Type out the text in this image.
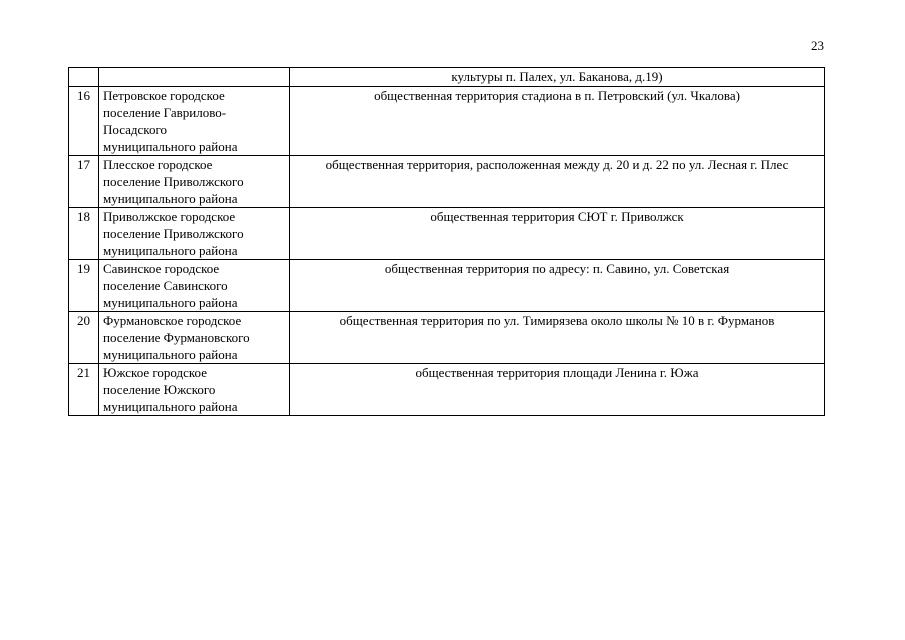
23
		культуры п. Палех, ул. Баканова, д.19)
16	Петровское городское
поселение Гаврилово-
Посадского
муниципального района	общественная территория стадиона в п. Петровский (ул. Чкалова)
17	Плесское городское
поселение Приволжского
муниципального района	общественная территория, расположенная между д. 20 и д. 22 по ул. Лесная г. Плес
18	Приволжское городское
поселение Приволжского
муниципального района	общественная территория СЮТ г. Приволжск
19	Савинское городское
поселение Савинского
муниципального района	общественная территория по адресу: п. Савино, ул. Советская
20	Фурмановское городское
поселение Фурмановского
муниципального района	общественная территория по ул. Тимирязева около школы № 10 в г. Фурманов
21	Южское городское
поселение Южского
муниципального района	общественная территория площади Ленина г. Южа
